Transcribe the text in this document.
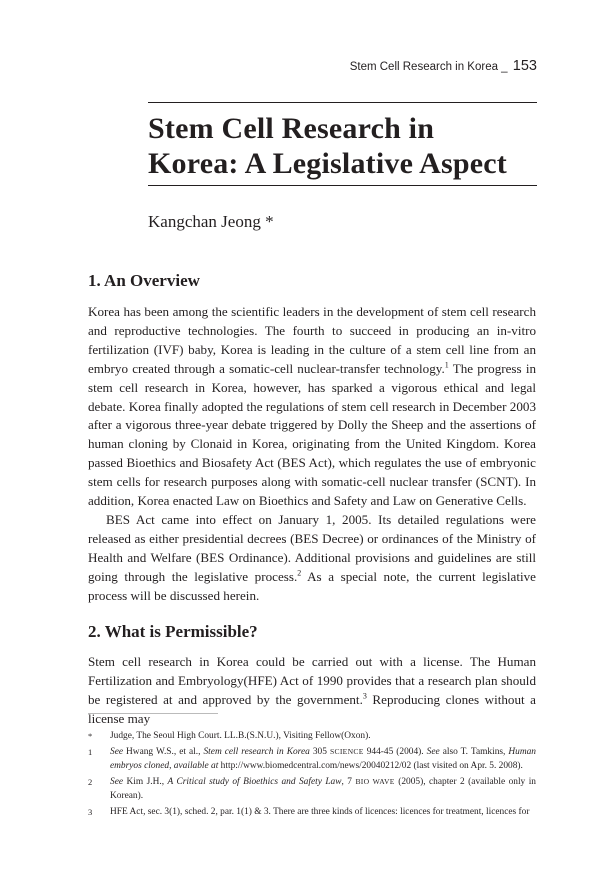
Stem Cell Research in Korea _ 153
Stem Cell Research in
Korea: A Legislative Aspect
Kangchan Jeong *
1. An Overview

Korea has been among the scientific leaders in the development of stem cell research and reproductive technologies. The fourth to succeed in producing an in-vitro fertilization (IVF) baby, Korea is leading in the culture of a stem cell line from an embryo created through a somatic-cell nuclear-transfer technology.$^1$ The progress in stem cell research in Korea, however, has sparked a vigorous ethical and legal debate. Korea finally adopted the regulations of stem cell research in December 2003 after a vigorous three-year debate triggered by Dolly the Sheep and the assertions of human cloning by Clonaid in Korea, originating from the United Kingdom. Korea passed Bioethics and Biosafety Act (BES Act), which regulates the use of embryonic stem cells for research purposes along with somatic-cell nuclear transfer (SCNT). In addition, Korea enacted Law on Bioethics and Safety and Law on Generative Cells.

BES Act came into effect on January 1, 2005. Its detailed regulations were released as either presidential decrees (BES Decree) or ordinances of the Ministry of Health and Welfare (BES Ordinance). Additional provisions and guidelines are still going through the legislative process.$^2$ As a special note, the current legislative process will be discussed herein.

2. What is Permissible?

Stem cell research in Korea could be carried out with a license. The Human Fertilization and Embryology(HFE) Act of 1990 provides that a research plan should be registered at and approved by the government.$^3$ Reproducing clones without a license may

*	Judge, The Seoul High Court. LL.B.(S.N.U.), Visiting Fellow(Oxon).
1	See Hwang W.S., et al., Stem cell research in Korea 305 SCIENCE 944-45 (2004). See also T. Tamkins, Human embryos cloned, available at http://www.biomedcentral.com/news/20040212/02 (last visited on Apr. 5. 2008).
2	See Kim J.H., A Critical study of Bioethics and Safety Law, 7 BIO WAVE (2005), chapter 2 (available only in Korean).
3	HFE Act, sec. 3(1), sched. 2, par. 1(1) & 3. There are three kinds of licences: licences for treatment, licences for
